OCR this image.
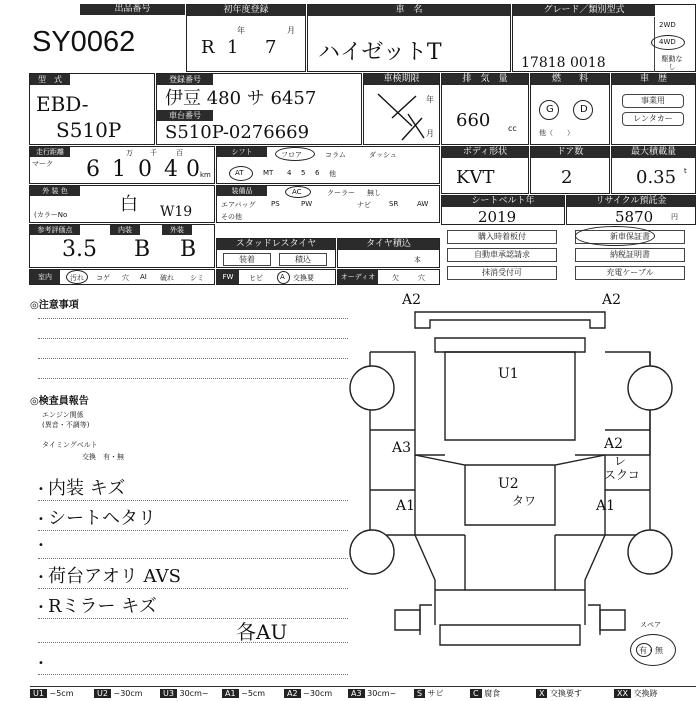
出品番号
SY0062
初年度登録
年	月
R 1 7
車　名
ハイゼットT
グレード／類別型式
2WD
4WD
駆動なし
17818 0018
型　式
EBD-
S510P
登録番号
伊豆 480 サ 6457
車台番号
S510P-0276669
車検期限
年
月
排　気　量
660 cc
燃　　料
G	D
他（　　）
車　歴
事業用
レンタカー
走行距離
マーク
万 千	百
6 1 0 4 0 km
シフト	フロア	コラム	ダッシュ
AT	MT 4 5 6 他
ボディ形状
KVT
ドア数
2
最大積載量
0.35 t
外 装 色
白
(カラーNo	W19
装備品	AC	クーラー 無し
エアバッグ PS	PW	ナビ	SR	AW
その他
シートベルト年
2019
リサイクル預託金
5870	円
参考評価点	内装	外装
3.5 B B	スタッドレスタイヤ
装着	積込
タイヤ積込
本
購入時着板付	新車保証書
自動車承認請求	納税証明書
抹消受付可	充電ケーブル
室内	汚れ コゲ 穴 AI 破れ シミ	FW	ヒビ A 交換要	オーディオ	欠	穴
◎注意事項
◎検査員報告
エンジン関係
(異音・不調等)
タイミングベルト
交換　有・無
• 内装 キズ
• シートヘタリ
•
• 荷台アオリ AVS
• Rミラー キズ
各AU
•
A2	A2
U1
A3	A2
レ
スクコ
U2
タワ
A1	A1
スペア
有・無
U1 ~5cm	U2 ~30cm	U3 30cm~	A1 ~5cm	A2 ~30cm	A3 30cm~	S サビ	C 腐食	X 交換要す	XX 交換跡
